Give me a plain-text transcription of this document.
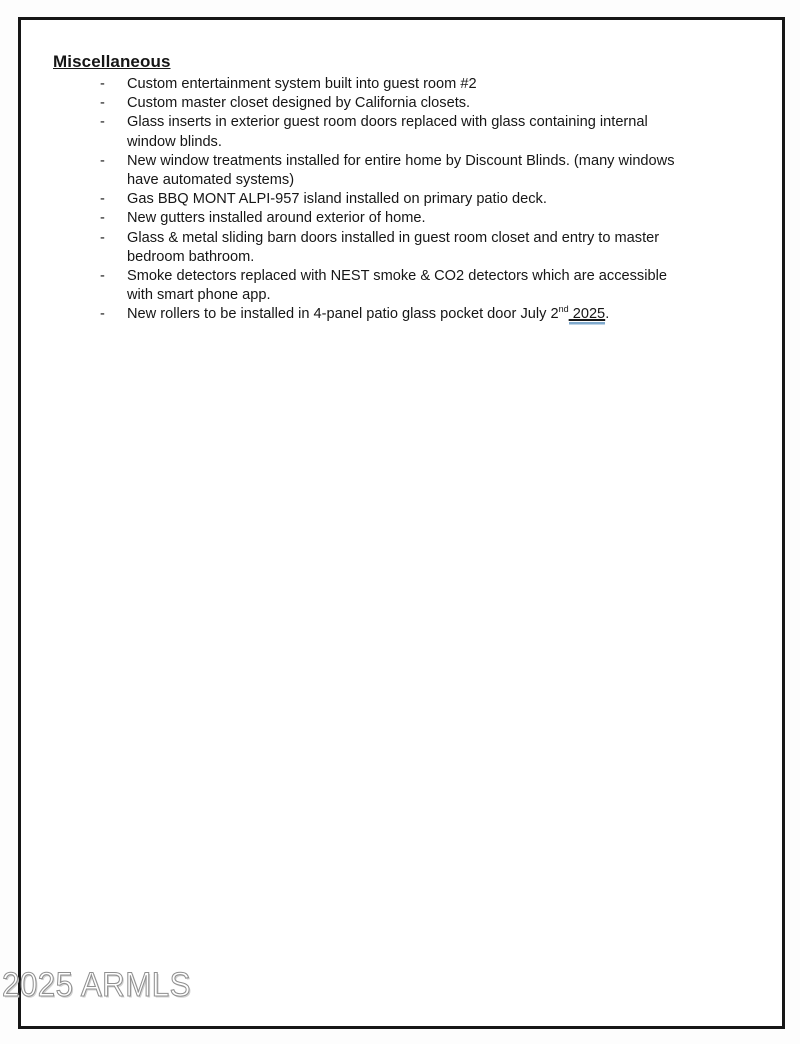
Miscellaneous
-	Custom entertainment system built into guest room #2
-	Custom master closet designed by California closets.
-	Glass inserts in exterior guest room doors replaced with glass containing internal
window blinds.
-	New window treatments installed for entire home by Discount Blinds. (many windows
have automated systems)
-	Gas BBQ MONT ALPI-957 island installed on primary patio deck.
-	New gutters installed around exterior of home.
-	Glass & metal sliding barn doors installed in guest room closet and entry to master
bedroom bathroom.
-	Smoke detectors replaced with NEST smoke & CO2 detectors which are accessible
with smart phone app.
-	New rollers to be installed in 4-panel patio glass pocket door July 2nd 2025.
2025 ARMLS
